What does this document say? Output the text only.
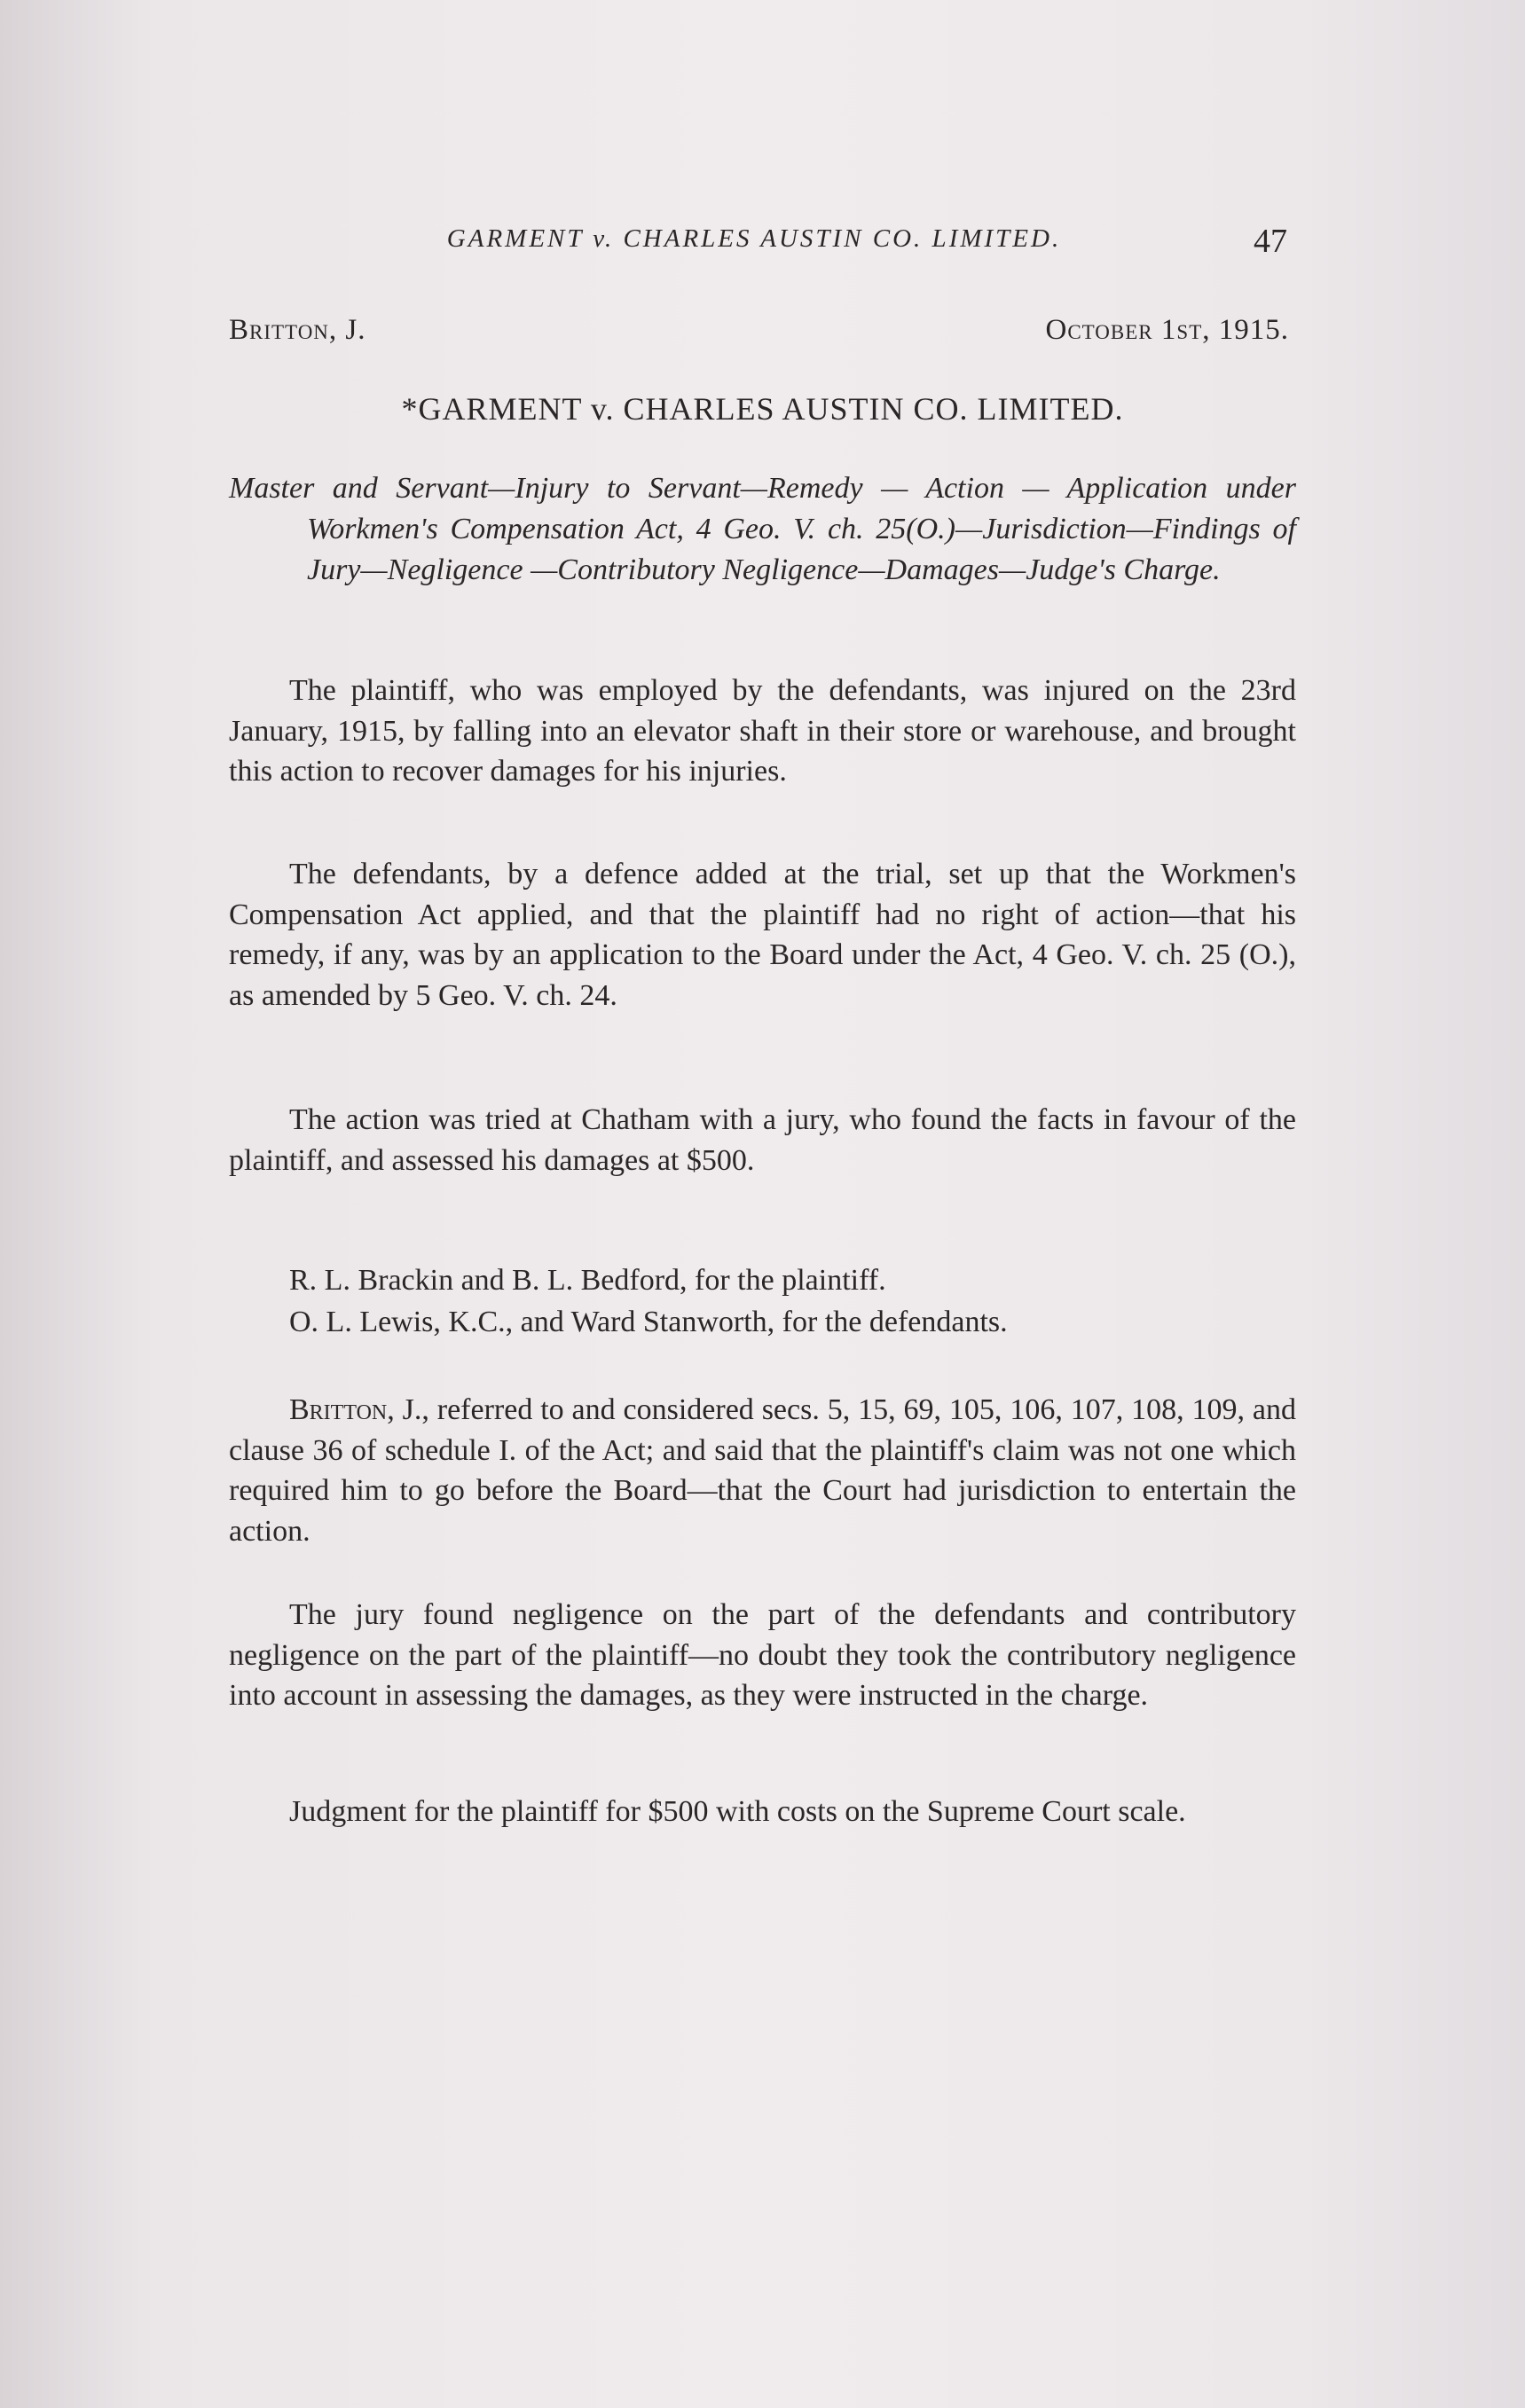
GARMENT v. CHARLES AUSTIN CO. LIMITED.	47
Britton, J.	October 1st, 1915.
*GARMENT v. CHARLES AUSTIN CO. LIMITED.
Master and Servant—Injury to Servant—Remedy — Action — Application under Workmen's Compensation Act, 4 Geo. V. ch. 25(O.)—Jurisdiction—Findings of Jury—Negligence —Contributory Negligence—Damages—Judge's Charge.

The plaintiff, who was employed by the defendants, was injured on the 23rd January, 1915, by falling into an elevator shaft in their store or warehouse, and brought this action to recover damages for his injuries.

The defendants, by a defence added at the trial, set up that the Workmen's Compensation Act applied, and that the plaintiff had no right of action—that his remedy, if any, was by an application to the Board under the Act, 4 Geo. V. ch. 25 (O.), as amended by 5 Geo. V. ch. 24.

The action was tried at Chatham with a jury, who found the facts in favour of the plaintiff, and assessed his damages at $500.

R. L. Brackin and B. L. Bedford, for the plaintiff.
O. L. Lewis, K.C., and Ward Stanworth, for the defendants.

Britton, J., referred to and considered secs. 5, 15, 69, 105, 106, 107, 108, 109, and clause 36 of schedule I. of the Act; and said that the plaintiff's claim was not one which required him to go before the Board—that the Court had jurisdiction to entertain the action.

The jury found negligence on the part of the defendants and contributory negligence on the part of the plaintiff—no doubt they took the contributory negligence into account in assessing the damages, as they were instructed in the charge.

Judgment for the plaintiff for $500 with costs on the Supreme Court scale.
